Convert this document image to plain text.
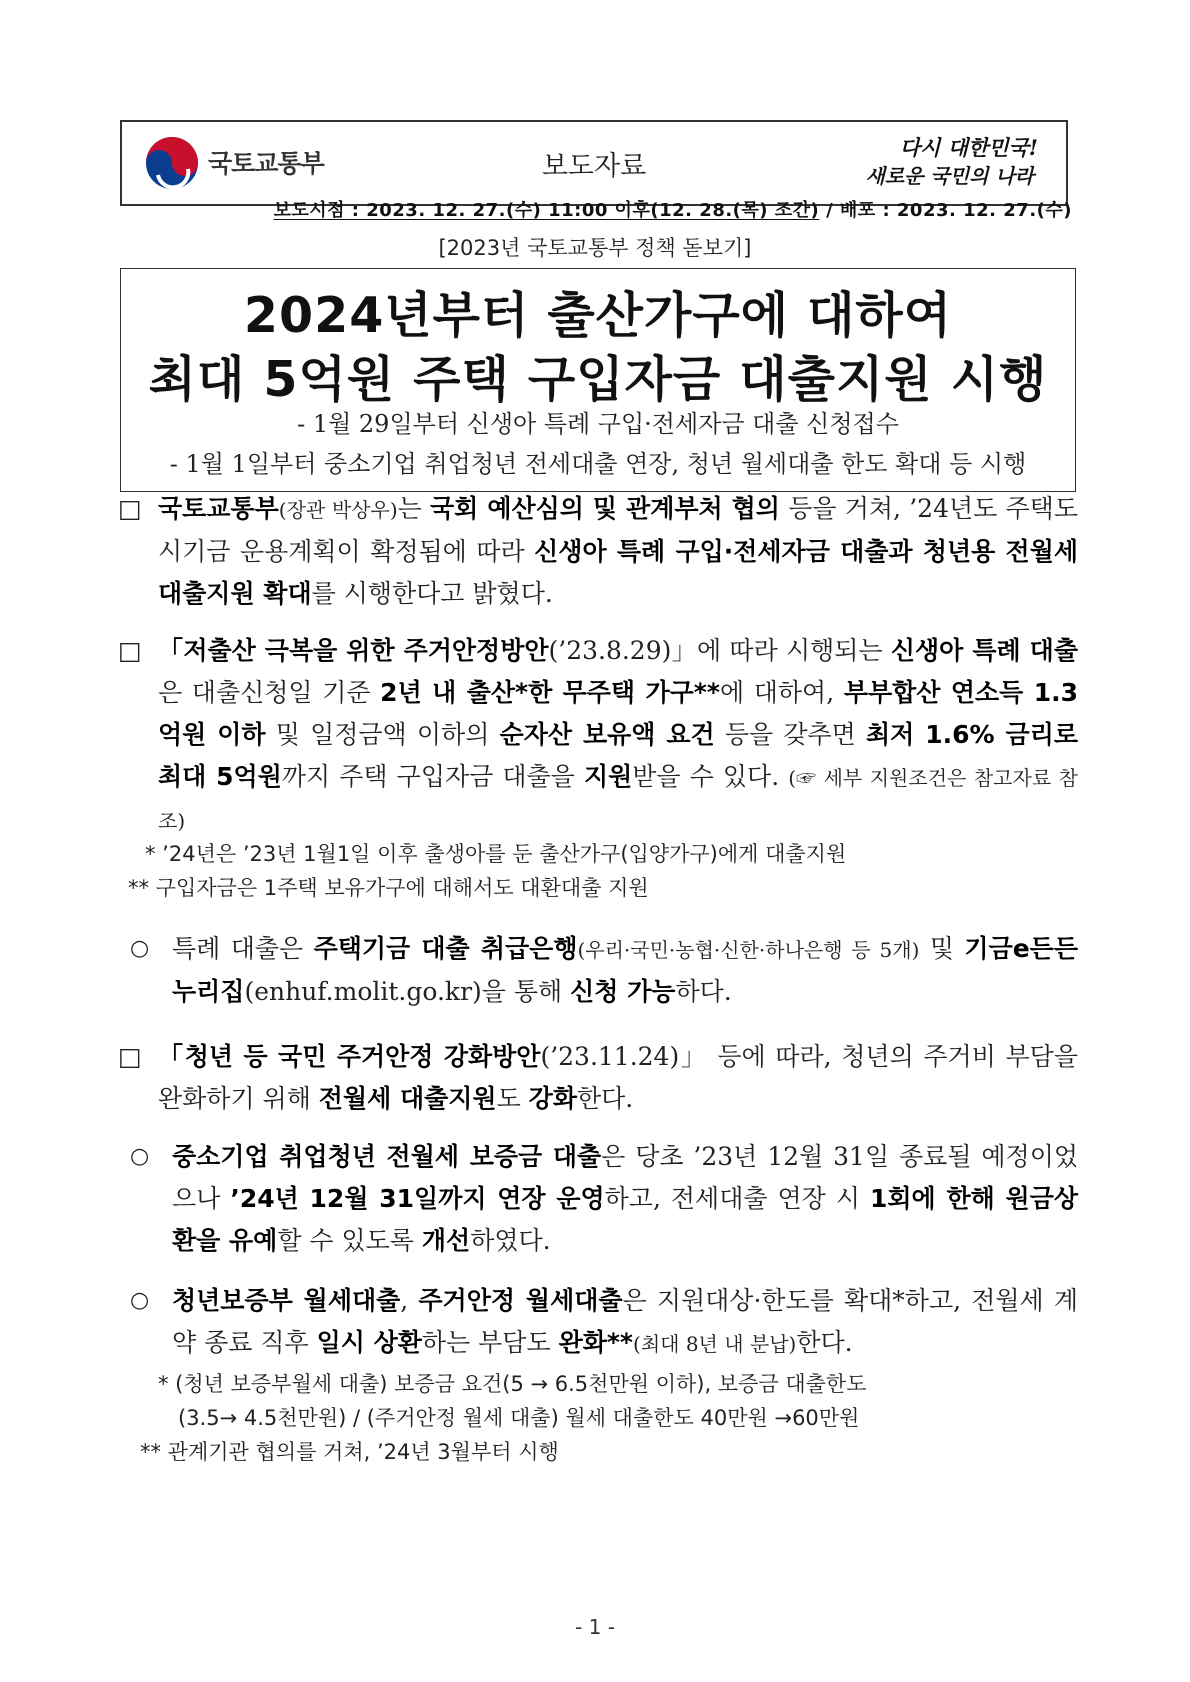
국토교통부	보도자료
다시 대한민국!
새로운 국민의 나라
보도시점 : 2023. 12. 27.(수) 11:00 이후(12. 28.(목) 조간) / 배포 : 2023. 12. 27.(수)
[2023년 국토교통부 정책 돋보기]
2024년부터 출산가구에 대하여
최대 5억원 주택 구입자금 대출지원 시행
- 1월 29일부터 신생아 특례 구입·전세자금 대출 신청접수
- 1월 1일부터 중소기업 취업청년 전세대출 연장, 청년 월세대출 한도 확대 등 시행
□ 국토교통부(장관 박상우)는 국회 예산심의 및 관계부처 협의 등을 거쳐, ’24년도 주택도시기금 운용계획이 확정됨에 따라 신생아 특례 구입·전세자금 대출과 청년용 전월세 대출지원 확대를 시행한다고 밝혔다.
□ 「저출산 극복을 위한 주거안정방안(’23.8.29)」에 따라 시행되는 신생아 특례 대출은 대출신청일 기준 2년 내 출산*한 무주택 가구**에 대하여, 부부합산 연소득 1.3억원 이하 및 일정금액 이하의 순자산 보유액 요건 등을 갖추면 최저 1.6% 금리로 최대 5억원까지 주택 구입자금 대출을 지원받을 수 있다. (☞ 세부 지원조건은 참고자료 참조)
* ’24년은 ’23년 1월1일 이후 출생아를 둔 출산가구(입양가구)에게 대출지원
** 구입자금은 1주택 보유가구에 대해서도 대환대출 지원
○ 특례 대출은 주택기금 대출 취급은행(우리·국민·농협·신한·하나은행 등 5개) 및 기금e든든 누리집(enhuf.molit.go.kr)을 통해 신청 가능하다.
□ 「청년 등 국민 주거안정 강화방안(’23.11.24)」 등에 따라, 청년의 주거비 부담을 완화하기 위해 전월세 대출지원도 강화한다.
○ 중소기업 취업청년 전월세 보증금 대출은 당초 ’23년 12월 31일 종료될 예정이었으나 ’24년 12월 31일까지 연장 운영하고, 전세대출 연장 시 1회에 한해 원금상환을 유예할 수 있도록 개선하였다.
○ 청년보증부 월세대출, 주거안정 월세대출은 지원대상·한도를 확대*하고, 전월세 계약 종료 직후 일시 상환하는 부담도 완화**(최대 8년 내 분납)한다.
* (청년 보증부월세 대출) 보증금 요건(5 → 6.5천만원 이하), 보증금 대출한도
(3.5→ 4.5천만원) / (주거안정 월세 대출) 월세 대출한도 40만원 →60만원
** 관계기관 협의를 거쳐, ’24년 3월부터 시행
- 1 -
